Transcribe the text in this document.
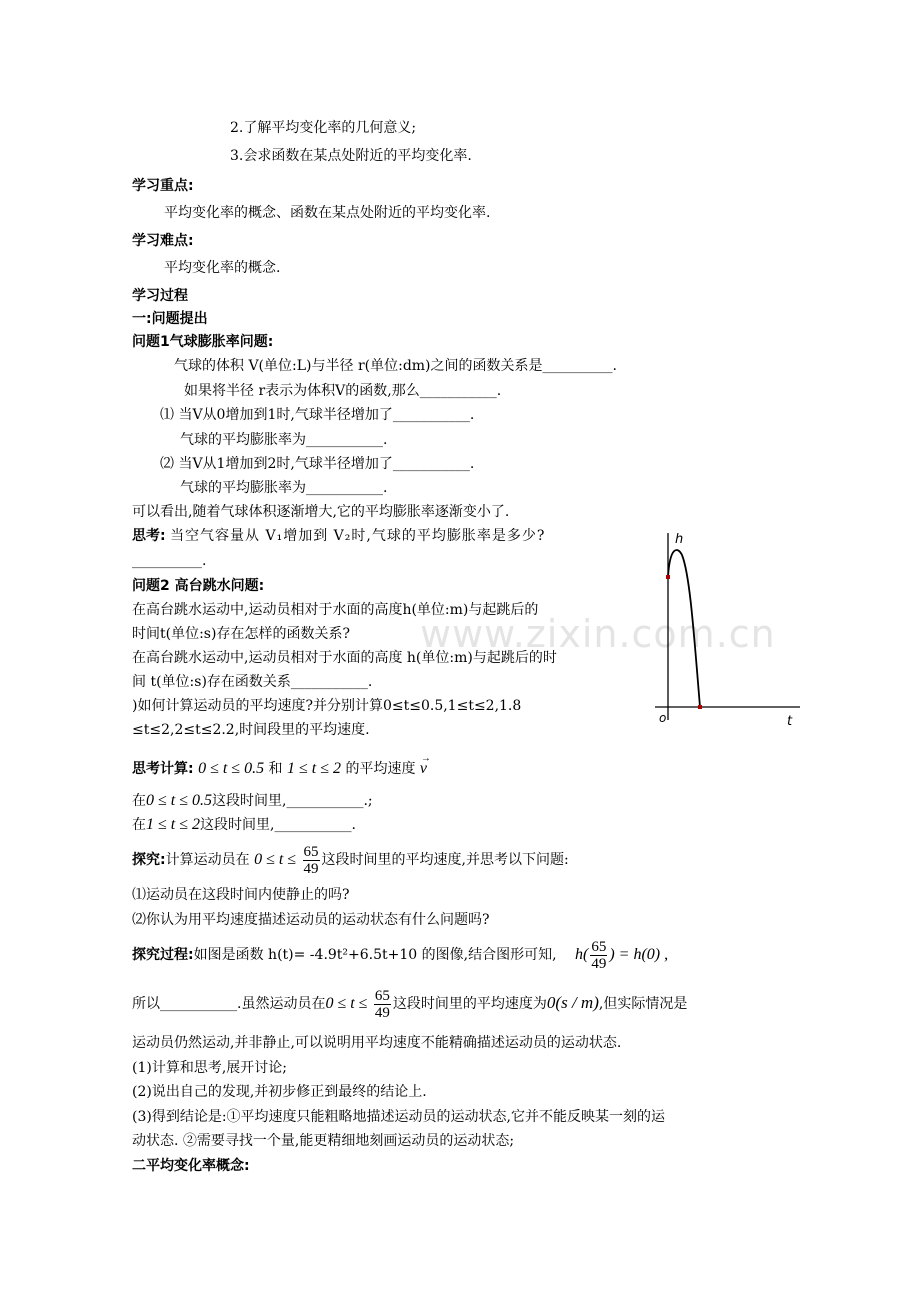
www.zixin.com.cn
2.了解平均变化率的几何意义;
3.会求函数在某点处附近的平均变化率.
学习重点:
平均变化率的概念、函数在某点处附近的平均变化率.
学习难点:
平均变化率的概念.
学习过程
一:问题提出
问题1气球膨胀率问题:
气球的体积 V(单位:L)与半径 r(单位:dm)之间的函数关系是__________.
如果将半径 r表示为体积V的函数,那么___________.
⑴ 当V从0增加到1时,气球半径增加了___________.
气球的平均膨胀率为___________.
⑵ 当V从1增加到2时,气球半径增加了___________.
气球的平均膨胀率为___________.
可以看出,随着气球体积逐渐增大,它的平均膨胀率逐渐变小了.
思考: 当空气容量从 V₁增加到 V₂时,气球的平均膨胀率是多少?
__________.
问题2 高台跳水问题:
在高台跳水运动中,运动员相对于水面的高度h(单位:m)与起跳后的
时间t(单位:s)存在怎样的函数关系?
在高台跳水运动中,运动员相对于水面的高度 h(单位:m)与起跳后的时
间 t(单位:s)存在函数关系___________.
)如何计算运动员的平均速度?并分别计算0≤t≤0.5,1≤t≤2,1.8
≤t≤2,2≤t≤2.2,时间段里的平均速度.
h
t
o
思考计算: 0 ≤ t ≤ 0.5 和 1 ≤ t ≤ 2 的平均速度 v
→
在0 ≤ t ≤ 0.5这段时间里,___________.;
在1 ≤ t ≤ 2这段时间里,___________.
探究:计算运动员在 $0 \le t \le \frac{65}{49}$ 这段时间里的平均速度,并思考以下问题:
⑴运动员在这段时间内使静止的吗?
⑵你认为用平均速度描述运动员的运动状态有什么问题吗?
探究过程:如图是函数 h(t)= -4.9t²+6.5t+10 的图像,结合图形可知, $h( \frac{65}{49}$ ) = h(0) ,
所以___________.虽然运动员在$0 \le t \le \frac{65}{49}$ 这段时间里的平均速度为0(s / m),但实际情况是
运动员仍然运动,并非静止,可以说明用平均速度不能精确描述运动员的运动状态.
(1)计算和思考,展开讨论;
(2)说出自己的发现,并初步修正到最终的结论上.
(3)得到结论是:①平均速度只能粗略地描述运动员的运动状态,它并不能反映某一刻的运
动状态. ②需要寻找一个量,能更精细地刻画运动员的运动状态;
二平均变化率概念:
